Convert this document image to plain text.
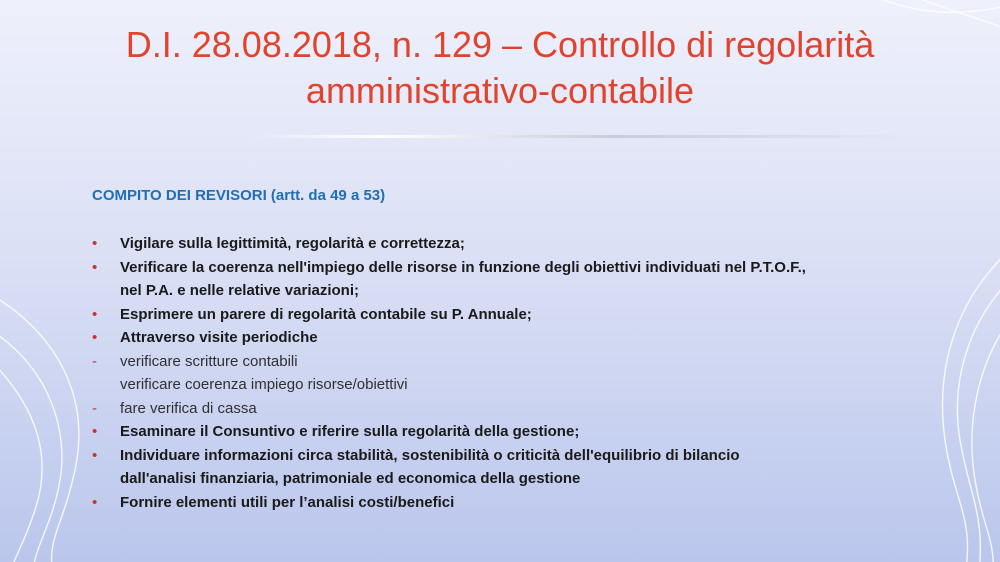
D.I. 28.08.2018, n. 129 – Controllo di regolarità
amministrativo-contabile
COMPITO DEI REVISORI (artt. da 49 a 53)
• Vigilare sulla legittimità, regolarità e correttezza;
• Verificare la coerenza nell'impiego delle risorse in funzione degli obiettivi individuati nel P.T.O.F.,
nel P.A. e nelle relative variazioni;
• Esprimere un parere di regolarità contabile su P. Annuale;
• Attraverso visite periodiche
- verificare scritture contabili
verificare coerenza impiego risorse/obiettivi
- fare verifica di cassa
• Esaminare il Consuntivo e riferire sulla regolarità della gestione;
• Individuare informazioni circa stabilità, sostenibilità o criticità dell'equilibrio di bilancio
dall'analisi finanziaria, patrimoniale ed economica della gestione
• Fornire elementi utili per l’analisi costi/benefici
